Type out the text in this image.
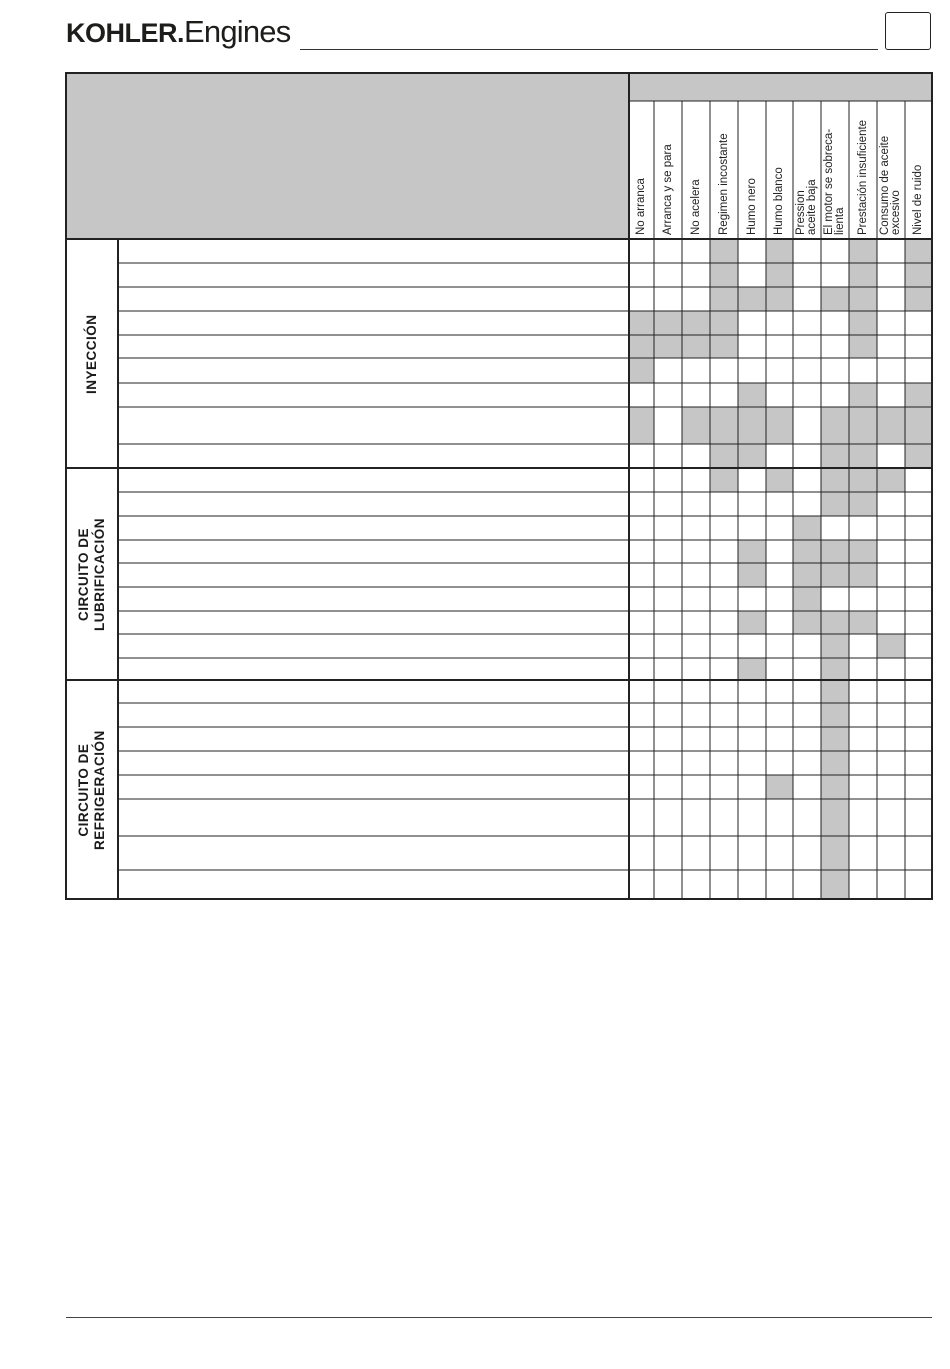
KOHLER.Engines
No arranca Arranca y se para No acelera Regimen incostante Humo nero Humo blanco Pression
aceite baja El motor se sobreca-
lienta Prestación insuficiente Consumo de aceite
excesivo Nivel de ruido
INYECCIÓN
CIRCUITO DE
LUBRIFICACIÓN
CIRCUITO DE
REFRIGERACIÓN
